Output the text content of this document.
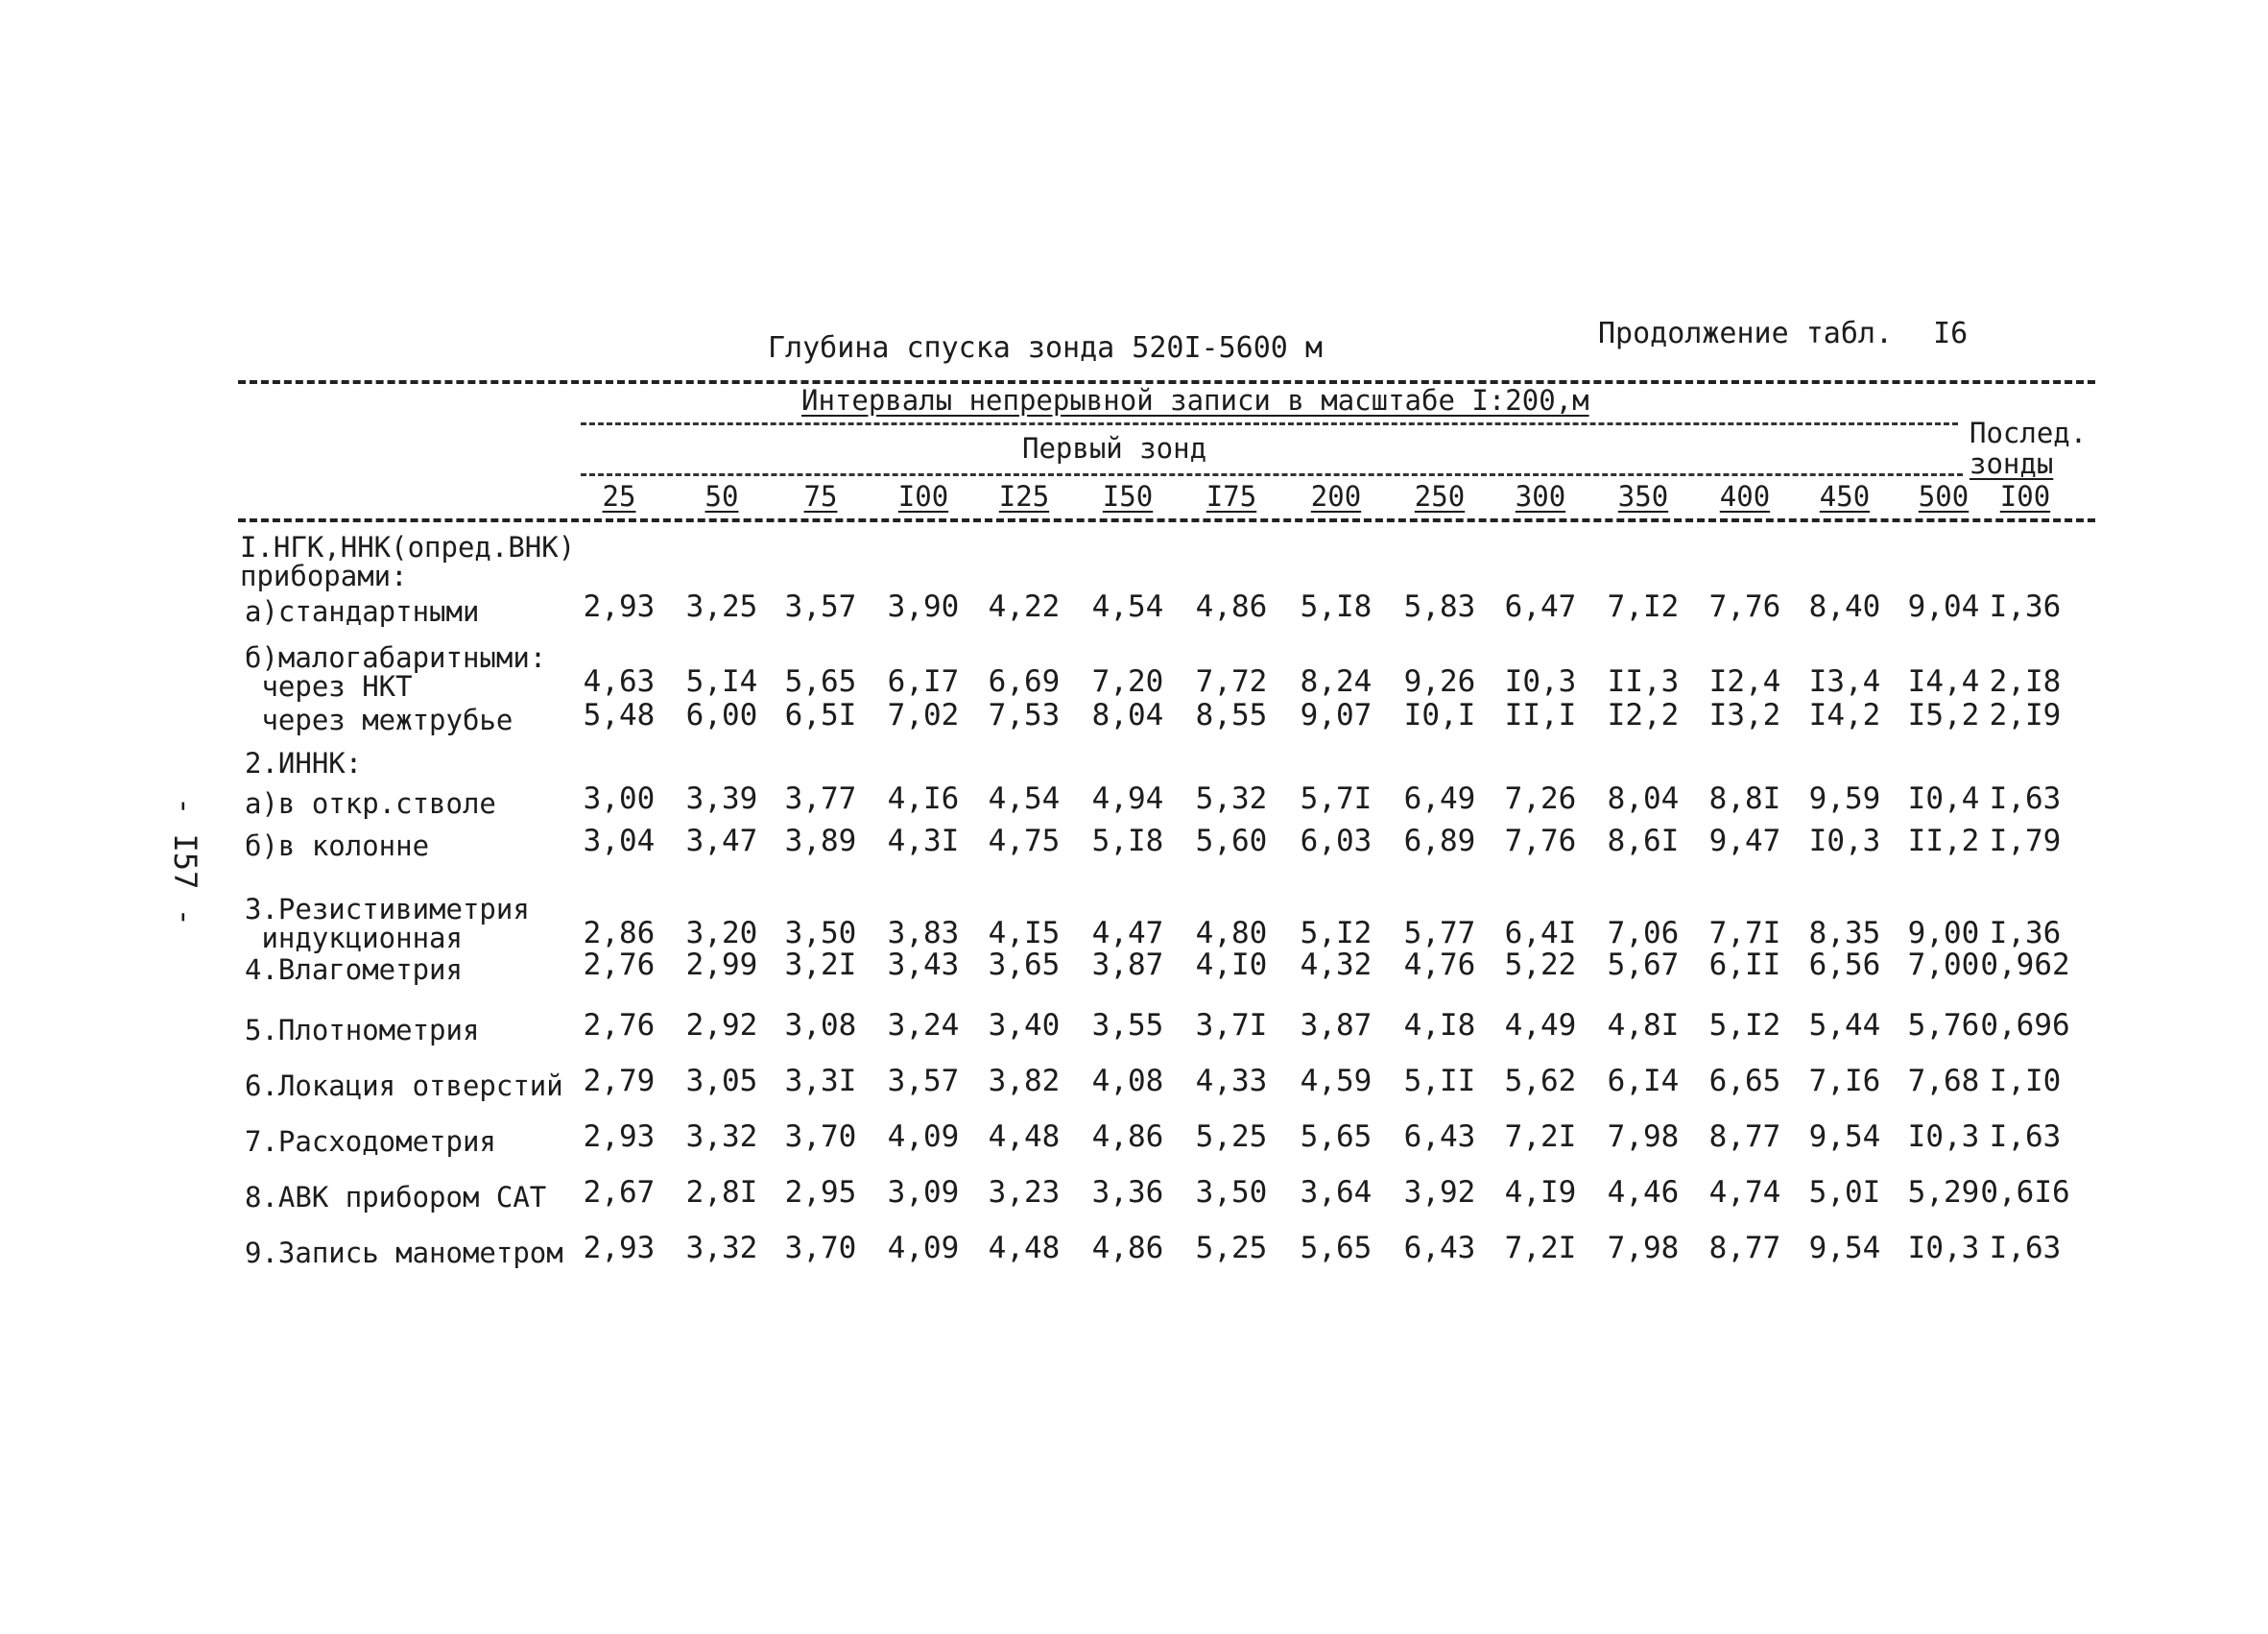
- I57 -
Глубина спуска зонда 520I-5600 м	Продолжение табл. I6
Интервалы непрерывной записи в масштабе I:200,м
Первый зонд	Послед.
зонды
25	50	75	I00	I25	I50	I75	200	250	300	350	400	450	500	I00
I.НГК,ННК(опред.ВНК)
приборами:
а)стандартными	2,93	3,25 3,57	3,90 4,22	4,54	4,86	5,I8	5,83 6,47	7,I2	7,76 8,40 9,04 I,36
б)малогабаритными:
через НКТ	4,63	5,I4 5,65	6,I7 6,69	7,20	7,72	8,24	9,26 I0,3	II,3	I2,4 I3,4 I4,4 2,I8
через межтрубье	5,48	6,00 6,5I	7,02 7,53	8,04	8,55	9,07	I0,I II,I	I2,2	I3,2 I4,2 I5,2 2,I9
2.ИННК:
а)в откр.стволе	3,00	3,39 3,77	4,I6 4,54	4,94	5,32	5,7I	6,49 7,26	8,04	8,8I 9,59 I0,4 I,63
б)в колонне	3,04	3,47 3,89	4,3I 4,75	5,I8	5,60	6,03	6,89 7,76	8,6I	9,47 I0,3 II,2 I,79
3.Резистивиметрия
индукционная	2,86	3,20 3,50	3,83 4,I5	4,47	4,80	5,I2	5,77 6,4I	7,06	7,7I 8,35 9,00 I,36
4.Влагометрия	2,76	2,99 3,2I	3,43 3,65	3,87	4,I0	4,32	4,76 5,22	5,67	6,II 6,56 7,00 0,962
5.Плотнометрия	2,76	2,92 3,08	3,24 3,40	3,55	3,7I	3,87	4,I8 4,49	4,8I	5,I2 5,44 5,76 0,696
6.Локация отверстий 2,79	3,05 3,3I	3,57 3,82	4,08	4,33	4,59	5,II 5,62	6,I4	6,65 7,I6 7,68 I,I0
7.Расходометрия	2,93	3,32 3,70	4,09 4,48	4,86	5,25	5,65	6,43 7,2I	7,98	8,77 9,54 I0,3 I,63
8.АВК прибором САТ	2,67	2,8I 2,95	3,09 3,23	3,36	3,50	3,64	3,92 4,I9	4,46	4,74 5,0I 5,29 0,6I6
9.Запись манометром 2,93	3,32 3,70	4,09 4,48	4,86	5,25	5,65	6,43 7,2I	7,98	8,77 9,54 I0,3 I,63
